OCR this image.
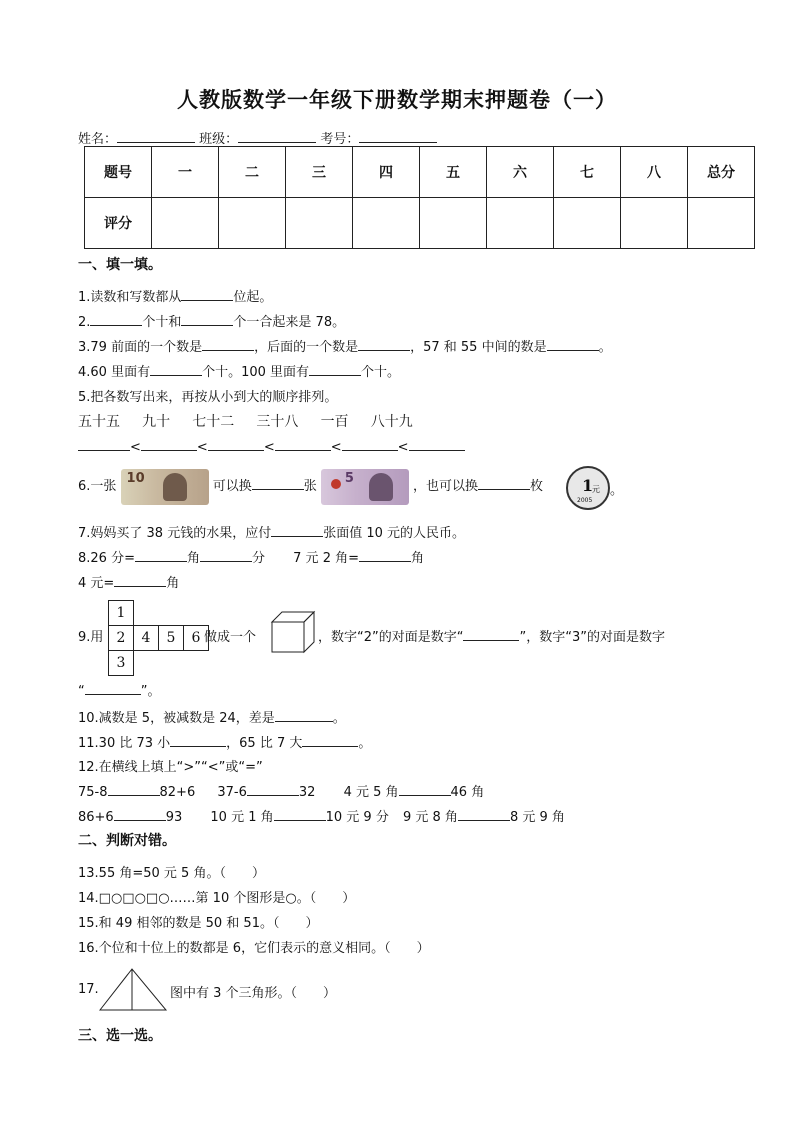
人教版数学一年级下册数学期末押题卷（一）
姓名：	班级：	考号：
题号	一	二	三	四	五	六	七	八	总分
评分									
一、填一填。
1.读数和写数都从	位起。
2.	个十和	个一合起来是 78。
3.79 前面的一个数是	，后面的一个数是	，57 和 55 中间的数是	。
4.60 里面有	个十。100 里面有	个十。
5.把各数写出来，再按从小到大的顺序排列。
五十五 九十 七十二 三十八 一百 八十九
<	<	<	<	<
6.一张
10
可以换	张
5
，也可以换	枚 1
元
2005
。
7.妈妈买了 38 元钱的水果，应付	张面值 10 元的人民币。
8.26 分=	角	分 7 元 2 角=	角
4 元=	角
9.用
1			
2	4	5	6
3			
做成一个	，数字“2”的对面是数字“	”，数字“3”的对面是数字
“	”。
10.减数是 5，被减数是 24，差是	。
11.30 比 73 小	，65 比 7 大	。
12.在横线上填上“>”“<”或“=”
75-8	82+6 37-6	32 4 元 5 角	46 角
86+6	93 10 元 1 角	10 元 9 分 9 元 8 角	8 元 9 角
二、判断对错。
13.55 角=50 元 5 角。（　　）
14.□○□○□○……第 10 个图形是○。（　　）
15.和 49 相邻的数是 50 和 51。（　　）
16.个位和十位上的数都是 6，它们表示的意义相同。（　　）
17.	图中有 3 个三角形。（　　）
三、选一选。
